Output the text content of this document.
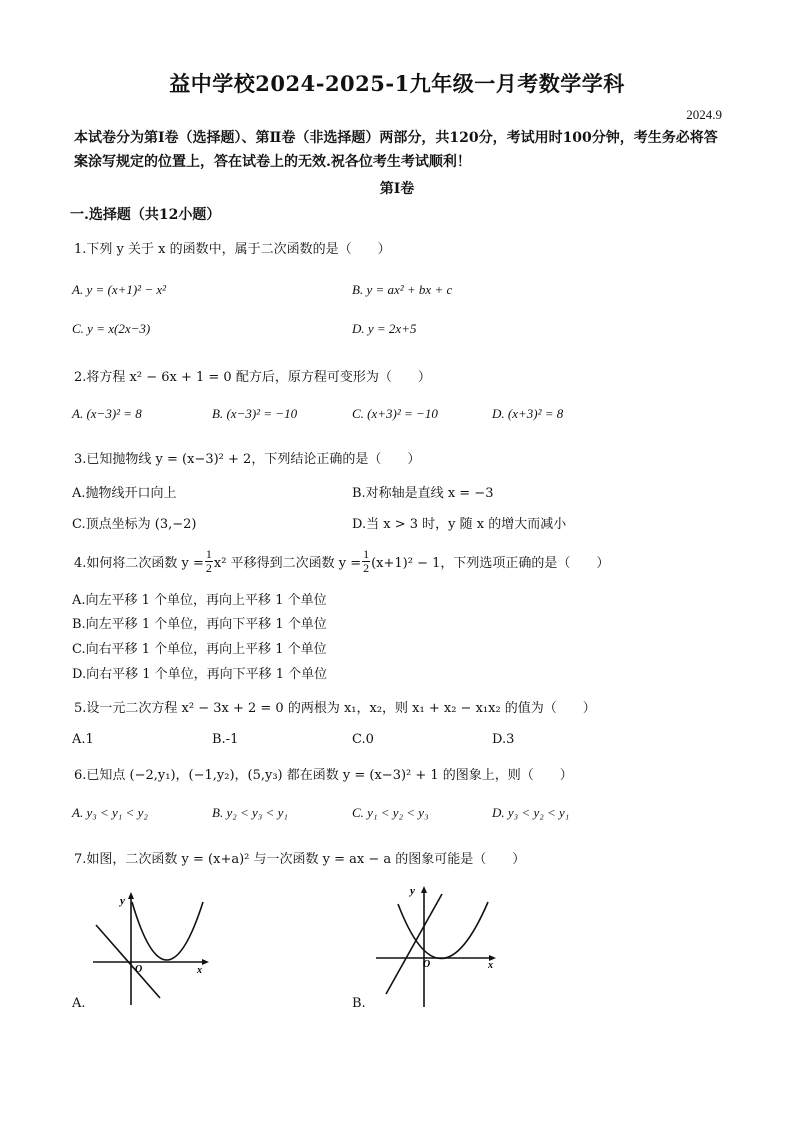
益中学校2024-2025-1九年级一月考数学学科
2024.9
本试卷分为第Ⅰ卷（选择题）、第Ⅱ卷（非选择题）两部分，共120分，考试用时100分钟，考生务必将答案涂写规定的位置上，答在试卷上的无效.祝各位考生考试顺利！
第Ⅰ卷
一.选择题（共12小题）
1.下列 y 关于 x 的函数中，属于二次函数的是（　　）
A. y = (x+1)² − x²	B. y = ax² + bx + c
C. y = x(2x−3)	D. y = 2x+5
2.将方程 x² − 6x + 1 = 0 配方后，原方程可变形为（　　）
A. (x−3)² = 8	B. (x−3)² = −10	C. (x+3)² = −10	D. (x+3)² = 8
3.已知抛物线 y = (x−3)² + 2，下列结论正确的是（　　）
A.抛物线开口向上	B.对称轴是直线 x = −3
C.顶点坐标为 (3,−2)	D.当 x > 3 时，y 随 x 的增大而减小
4.如何将二次函数 $y = \frac{1}{2} x^2$ 平移得到二次函数 $y = \frac{1}{2} (x+1)^2 - 1$，下列选项正确的是（　　）
A.向左平移 1 个单位，再向上平移 1 个单位
B.向左平移 1 个单位，再向下平移 1 个单位
C.向右平移 1 个单位，再向上平移 1 个单位
D.向右平移 1 个单位，再向下平移 1 个单位
5.设一元二次方程 x² − 3x + 2 = 0 的两根为 x₁，x₂，则 x₁ + x₂ − x₁x₂ 的值为（　　）
A.1	B.-1	C.0	D.3
6.已知点 (−2,y₁)，(−1,y₂)，(5,y₃) 都在函数 y = (x−3)² + 1 的图象上，则（　　）
A. y₃ < y₁ < y₂	B. y₂ < y₃ < y₁	C. y₁ < y₂ < y₃	D. y₃ < y₂ < y₁
7.如图，二次函数 y = (x+a)² 与一次函数 y = ax − a 的图象可能是（　　）
y
O	x
A.
y
O	x
B.
